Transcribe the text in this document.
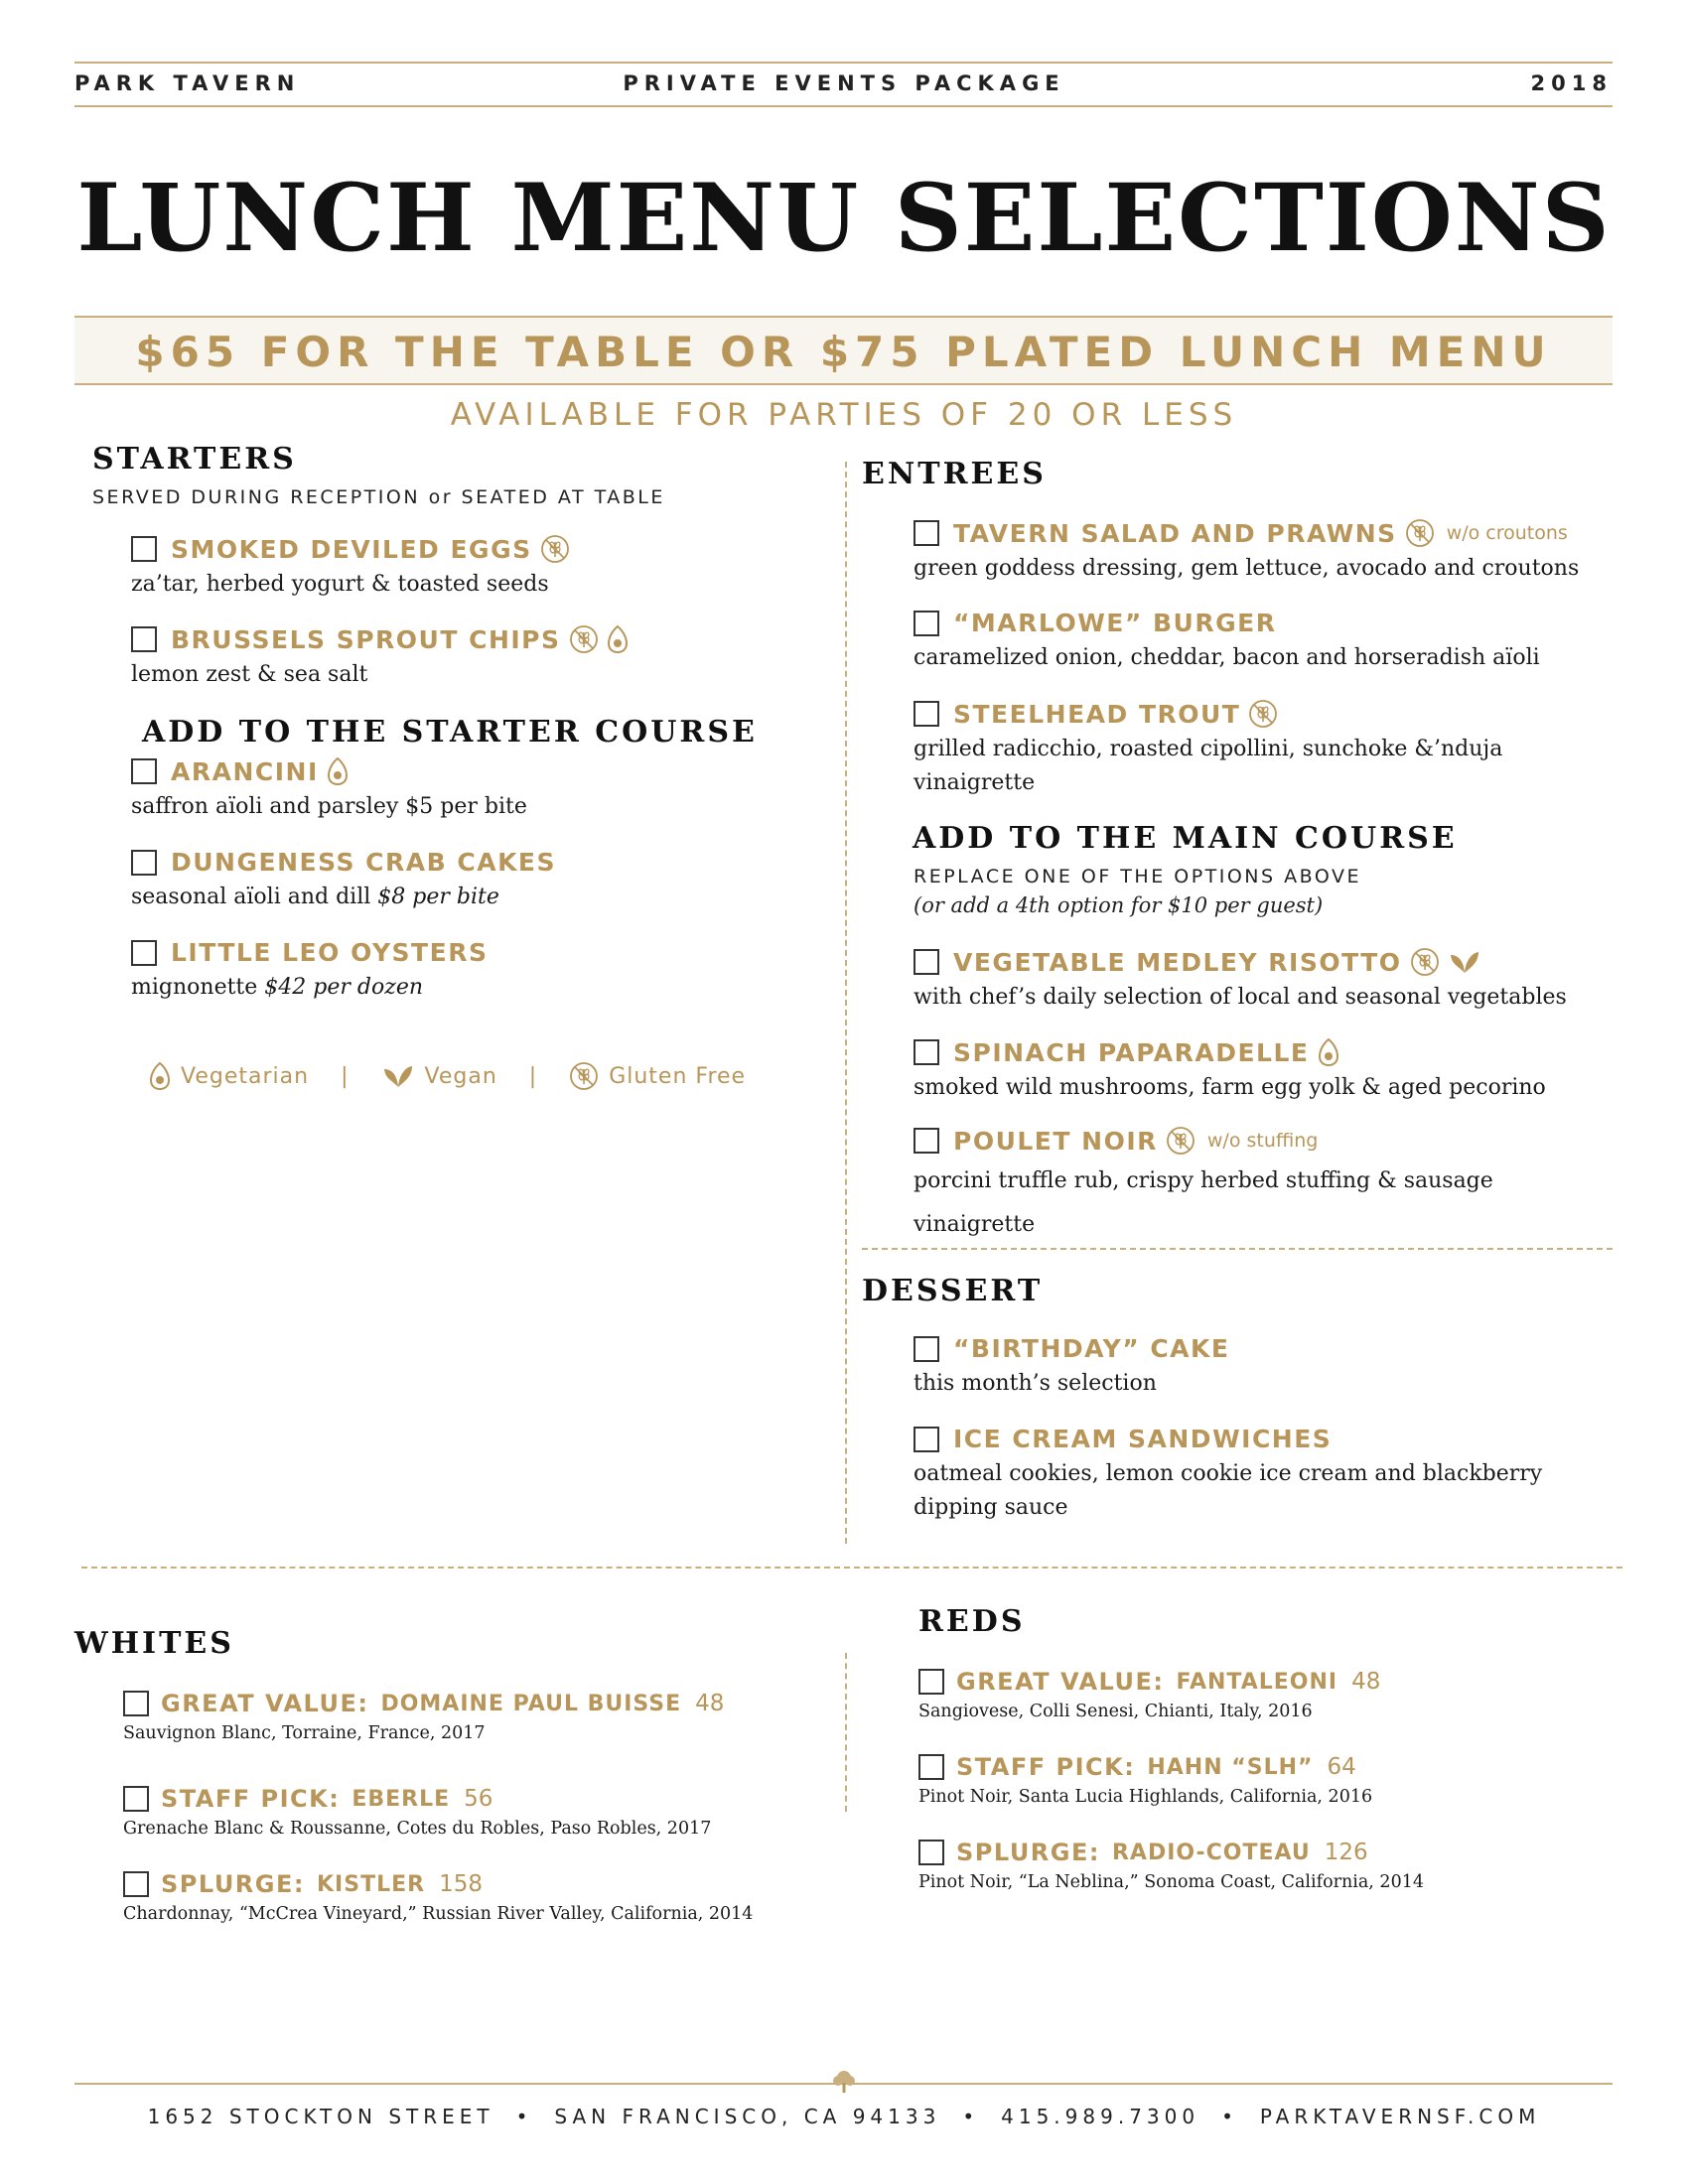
PARK TAVERN	PRIVATE EVENTS PACKAGE	2018
LUNCH MENU SELECTIONS
$65 FOR THE TABLE OR $75 PLATED LUNCH MENU
AVAILABLE FOR PARTIES OF 20 OR LESS
STARTERS
SERVED DURING RECEPTION or SEATED AT TABLE
SMOKED DEVILED EGGS
za’tar, herbed yogurt & toasted seeds
BRUSSELS SPROUT CHIPS
lemon zest & sea salt
ADD TO THE STARTER COURSE
ARANCINI
saffron aïoli and parsley $5 per bite
DUNGENESS CRAB CAKES
seasonal aïoli and dill $8 per bite
LITTLE LEO OYSTERS
mignonette $42 per dozen
Vegetarian |	Vegan |	Gluten Free
ENTREES
TAVERN SALAD AND PRAWNS	w/o croutons
green goddess dressing, gem lettuce, avocado and croutons
“MARLOWE” BURGER
caramelized onion, cheddar, bacon and horseradish aïoli
STEELHEAD TROUT
grilled radicchio, roasted cipollini, sunchoke &’nduja vinaigrette
ADD TO THE MAIN COURSE
REPLACE ONE OF THE OPTIONS ABOVE
(or add a 4th option for $10 per guest)
VEGETABLE MEDLEY RISOTTO
with chef’s daily selection of local and seasonal vegetables
SPINACH PAPARADELLE
smoked wild mushrooms, farm egg yolk & aged pecorino
POULET NOIR	w/o stuffing
porcini truffle rub, crispy herbed stuffing & sausage vinaigrette
DESSERT
“BIRTHDAY” CAKE
this month’s selection
ICE CREAM SANDWICHES
oatmeal cookies, lemon cookie ice cream and blackberry dipping sauce
WHITES
GREAT VALUE: DOMAINE PAUL BUISSE 48
Sauvignon Blanc, Torraine, France, 2017
STAFF PICK: EBERLE 56
Grenache Blanc & Roussanne, Cotes du Robles, Paso Robles, 2017
SPLURGE: KISTLER 158
Chardonnay, “McCrea Vineyard,” Russian River Valley, California, 2014
REDS
GREAT VALUE: FANTALEONI 48
Sangiovese, Colli Senesi, Chianti, Italy, 2016
STAFF PICK: HAHN “SLH” 64
Pinot Noir, Santa Lucia Highlands, California, 2016
SPLURGE: RADIO-COTEAU 126
Pinot Noir, “La Neblina,” Sonoma Coast, California, 2014
1652 STOCKTON STREET • SAN FRANCISCO, CA 94133 • 415.989.7300 • PARKTAVERNSF.COM
